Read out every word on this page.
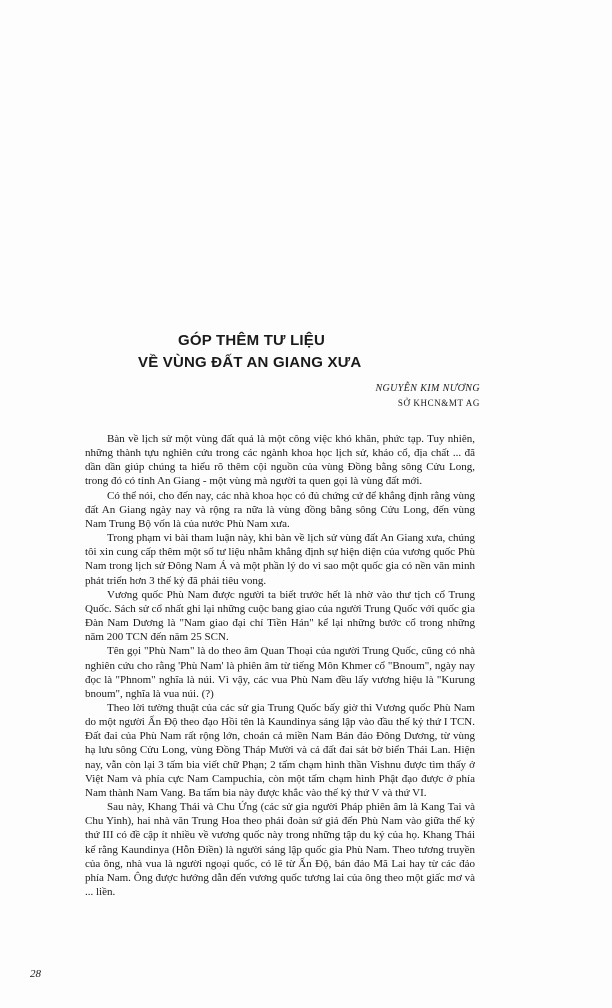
GÓP THÊM TƯ LIỆU
VỀ VÙNG ĐẤT AN GIANG XƯA
NGUYỄN KIM NƯƠNG
SỞ KHCN&MT AG

Bàn về lịch sử một vùng đất quả là một công việc khó khăn, phức tạp. Tuy nhiên, những thành tựu nghiên cứu trong các ngành khoa học lịch sử, khảo cổ, địa chất ... đã dần dần giúp chúng ta hiểu rõ thêm cội nguồn của vùng Đồng bằng sông Cửu Long, trong đó có tỉnh An Giang - một vùng mà người ta quen gọi là vùng đất mới.

Có thể nói, cho đến nay, các nhà khoa học có đủ chứng cứ để khẳng định rằng vùng đất An Giang ngày nay và rộng ra nữa là vùng đồng bằng sông Cửu Long, đến vùng Nam Trung Bộ vốn là của nước Phù Nam xưa.

Trong phạm vi bài tham luận này, khi bàn về lịch sử vùng đất An Giang xưa, chúng tôi xin cung cấp thêm một số tư liệu nhằm khẳng định sự hiện diện của vương quốc Phù Nam trong lịch sử Đông Nam Á và một phần lý do vì sao một quốc gia có nền văn minh phát triển hơn 3 thế kỷ đã phải tiêu vong.

Vương quốc Phù Nam được người ta biết trước hết là nhờ vào thư tịch cổ Trung Quốc. Sách sử cổ nhất ghi lại những cuộc bang giao của người Trung Quốc với quốc gia Đàn Nam Dương là "Nam giao đại chí Tiền Hán" kể lại những bước cổ trong những năm 200 TCN đến năm 25 SCN.

Tên gọi "Phù Nam" là do theo âm Quan Thoại của người Trung Quốc, cũng có nhà nghiên cứu cho rằng 'Phù Nam' là phiên âm từ tiếng Môn Khmer cổ "Bnoum", ngày nay đọc là "Phnom" nghĩa là núi. Vì vậy, các vua Phù Nam đều lấy vương hiệu là "Kurung bnoum", nghĩa là vua núi. (?)

Theo lời tường thuật của các sử gia Trung Quốc bấy giờ thì Vương quốc Phù Nam do một người Ấn Độ theo đạo Hồi tên là Kaundinya sáng lập vào đầu thế kỷ thứ I TCN. Đất đai của Phù Nam rất rộng lớn, choán cả miền Nam Bán đảo Đông Dương, từ vùng hạ lưu sông Cửu Long, vùng Đồng Tháp Mười và cả đất đai sát bờ biển Thái Lan. Hiện nay, vẫn còn lại 3 tấm bia viết chữ Phạn; 2 tấm chạm hình thần Vishnu được tìm thấy ở Việt Nam và phía cực Nam Campuchia, còn một tấm chạm hình Phật đạo được ở phía Nam thành Nam Vang. Ba tấm bia này được khắc vào thế kỷ thứ V và thứ VI.

Sau này, Khang Thái và Chu Ứng (các sử gia người Pháp phiên âm là Kang Tai và Chu Yinh), hai nhà văn Trung Hoa theo phái đoàn sứ giả đến Phù Nam vào giữa thế kỷ thứ III có đề cập ít nhiều về vương quốc này trong những tập du ký của họ. Khang Thái kể rằng Kaundinya (Hỗn Điền) là người sáng lập quốc gia Phù Nam. Theo tương truyền của ông, nhà vua là người ngoại quốc, có lẽ từ Ấn Độ, bán đảo Mã Lai hay từ các đảo phía Nam. Ông được hướng dẫn đến vương quốc tương lai của ông theo một giấc mơ và ... liền.

28
